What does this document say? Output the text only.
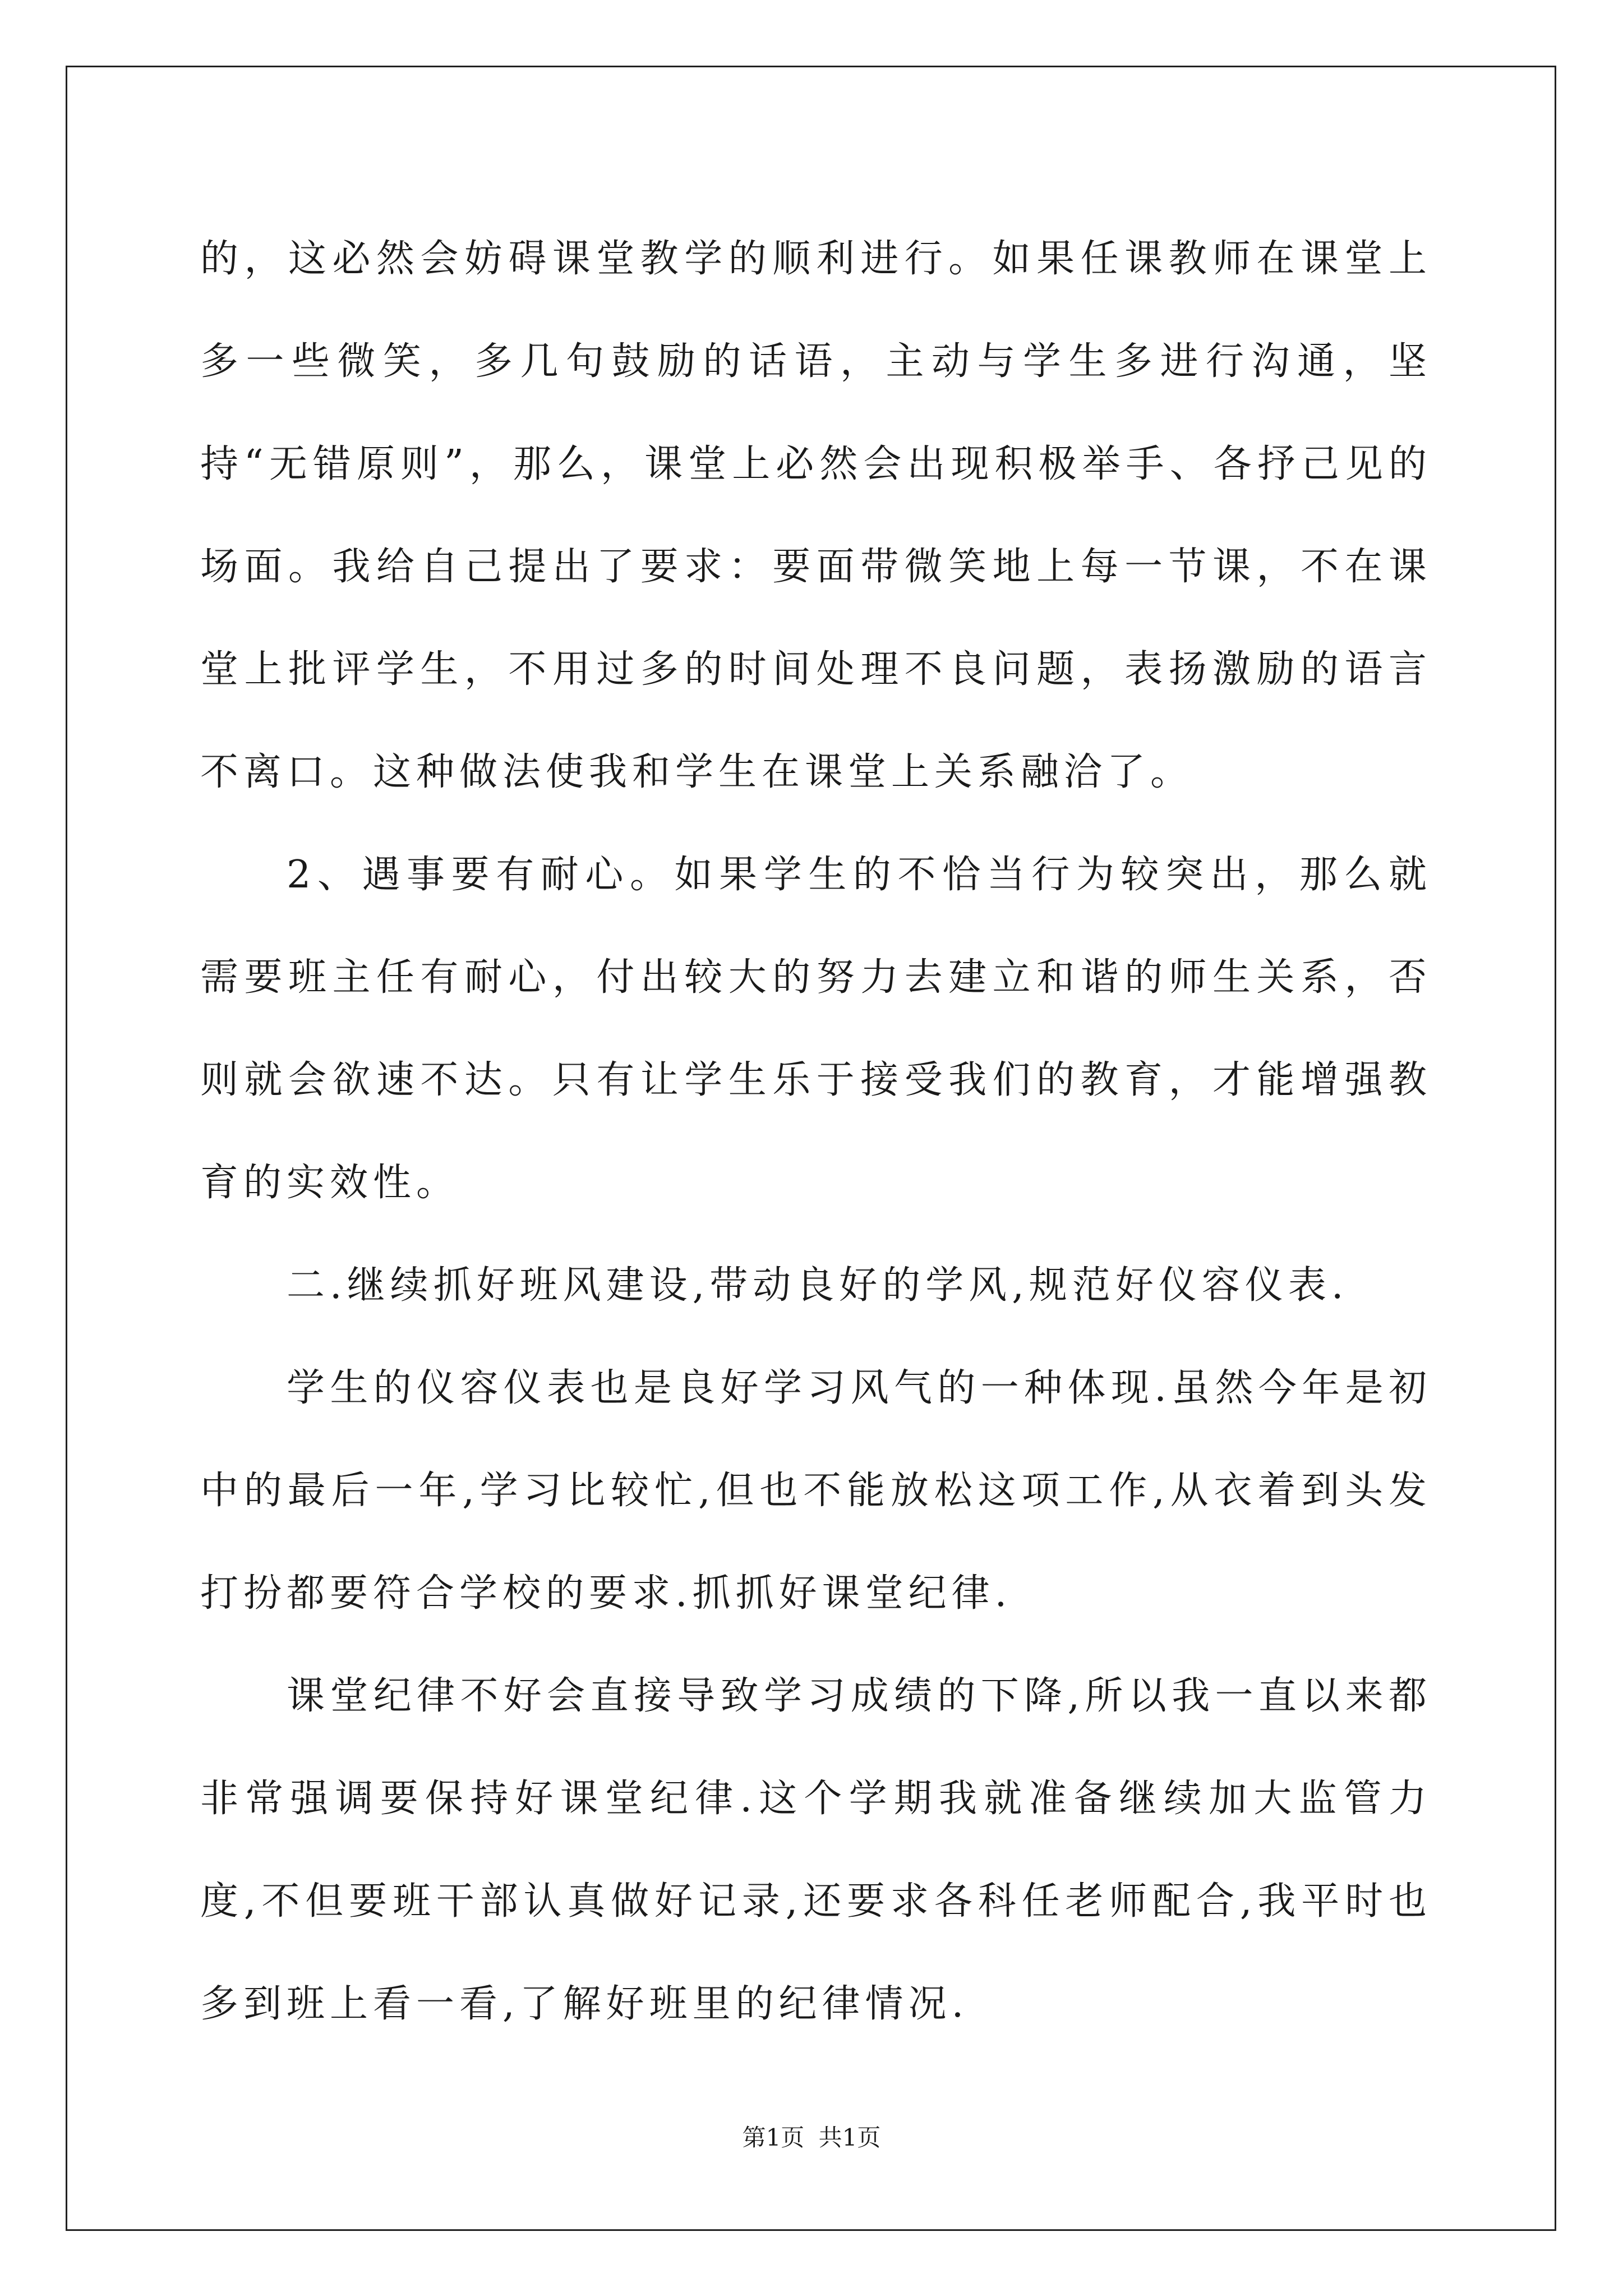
的，这必然会妨碍课堂教学的顺利进行。如果任课教师在课堂上多一些微笑，多几句鼓励的话语，主动与学生多进行沟通，坚持“无错原则”，那么，课堂上必然会出现积极举手、各抒己见的场面。我给自己提出了要求：要面带微笑地上每一节课，不在课堂上批评学生，不用过多的时间处理不良问题，表扬激励的语言不离口。这种做法使我和学生在课堂上关系融洽了。

2、遇事要有耐心。如果学生的不恰当行为较突出，那么就需要班主任有耐心，付出较大的努力去建立和谐的师生关系，否则就会欲速不达。只有让学生乐于接受我们的教育，才能增强教育的实效性。

二.继续抓好班风建设,带动良好的学风,规范好仪容仪表.

学生的仪容仪表也是良好学习风气的一种体现.虽然今年是初中的最后一年,学习比较忙,但也不能放松这项工作,从衣着到头发打扮都要符合学校的要求.抓抓好课堂纪律.

课堂纪律不好会直接导致学习成绩的下降,所以我一直以来都非常强调要保持好课堂纪律.这个学期我就准备继续加大监管力度,不但要班干部认真做好记录,还要求各科任老师配合,我平时也多到班上看一看,了解好班里的纪律情况.

第1页 共1页
